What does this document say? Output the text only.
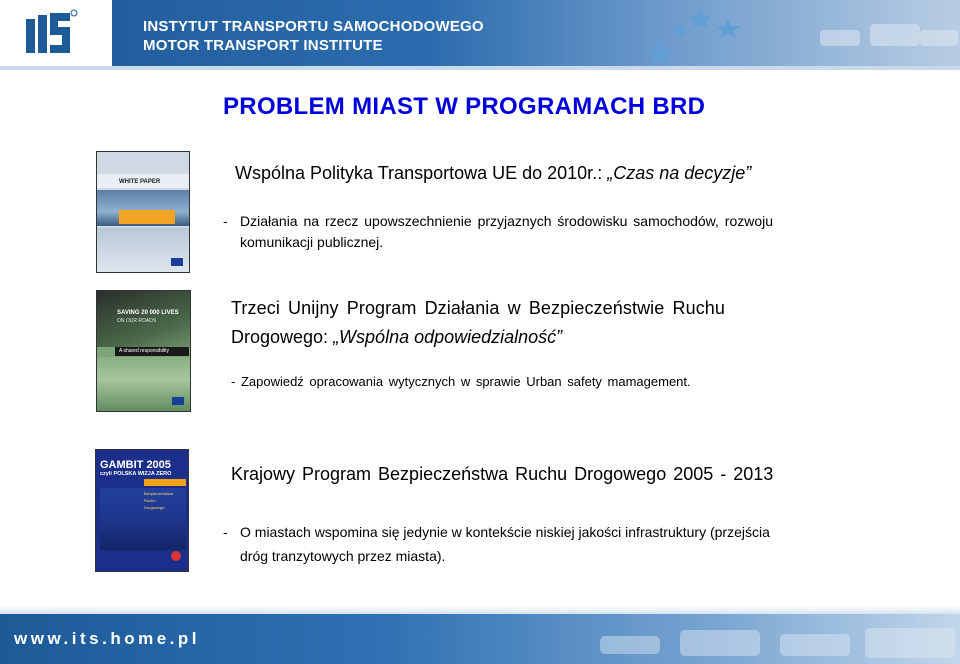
INSTYTUT TRANSPORTU SAMOCHODOWEGO
MOTOR TRANSPORT INSTITUTE
PROBLEM MIAST W PROGRAMACH BRD
WHITE PAPER
SAVING 20 000 LIVES
ON OUR ROADS
A shared responsibility
GAMBIT 2005
czyli POLSKA WIZJA ZERO
Bezpieczeństwa
Ruchu
Drogowego
Wspólna Polityka Transportowa UE do 2010r.: „Czas na decyzje”
- Działania na rzecz upowszechnienie przyjaznych środowisku samochodów, rozwoju
komunikacji publicznej.
Trzeci Unijny Program Działania w Bezpieczeństwie Ruchu
Drogowego: „Wspólna odpowiedzialność”
- Zapowiedź opracowania wytycznych w sprawie Urban safety mamagement.
Krajowy Program Bezpieczeństwa Ruchu Drogowego 2005 - 2013
- O miastach wspomina się jedynie w kontekście niskiej jakości infrastruktury (przejścia
dróg tranzytowych przez miasta).
www.its.home.pl
